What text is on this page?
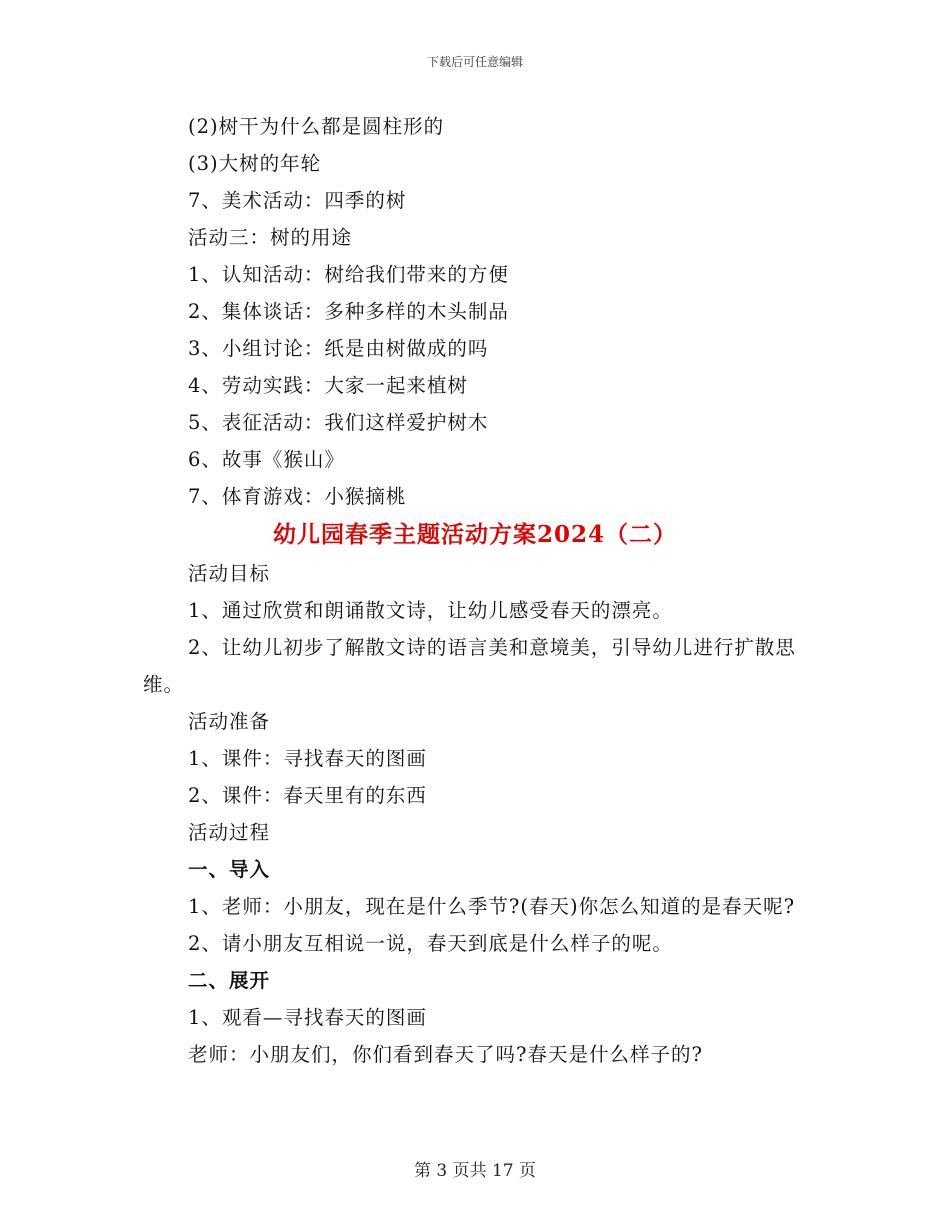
下载后可任意编辑
(2)树干为什么都是圆柱形的
(3)大树的年轮
7、美术活动：四季的树
活动三：树的用途
1、认知活动：树给我们带来的方便
2、集体谈话：多种多样的木头制品
3、小组讨论：纸是由树做成的吗
4、劳动实践：大家一起来植树
5、表征活动：我们这样爱护树木
6、故事《猴山》
7、体育游戏：小猴摘桃
幼儿园春季主题活动方案2024（二）
活动目标
1、通过欣赏和朗诵散文诗，让幼儿感受春天的漂亮。
2、让幼儿初步了解散文诗的语言美和意境美，引导幼儿进行扩散思维。
活动准备
1、课件：寻找春天的图画
2、课件：春天里有的东西
活动过程
一、导入
1、老师：小朋友，现在是什么季节?(春天)你怎么知道的是春天呢?
2、请小朋友互相说一说，春天到底是什么样子的呢。
二、展开
1、观看—寻找春天的图画
老师：小朋友们，你们看到春天了吗?春天是什么样子的?
第 3 页共 17 页
